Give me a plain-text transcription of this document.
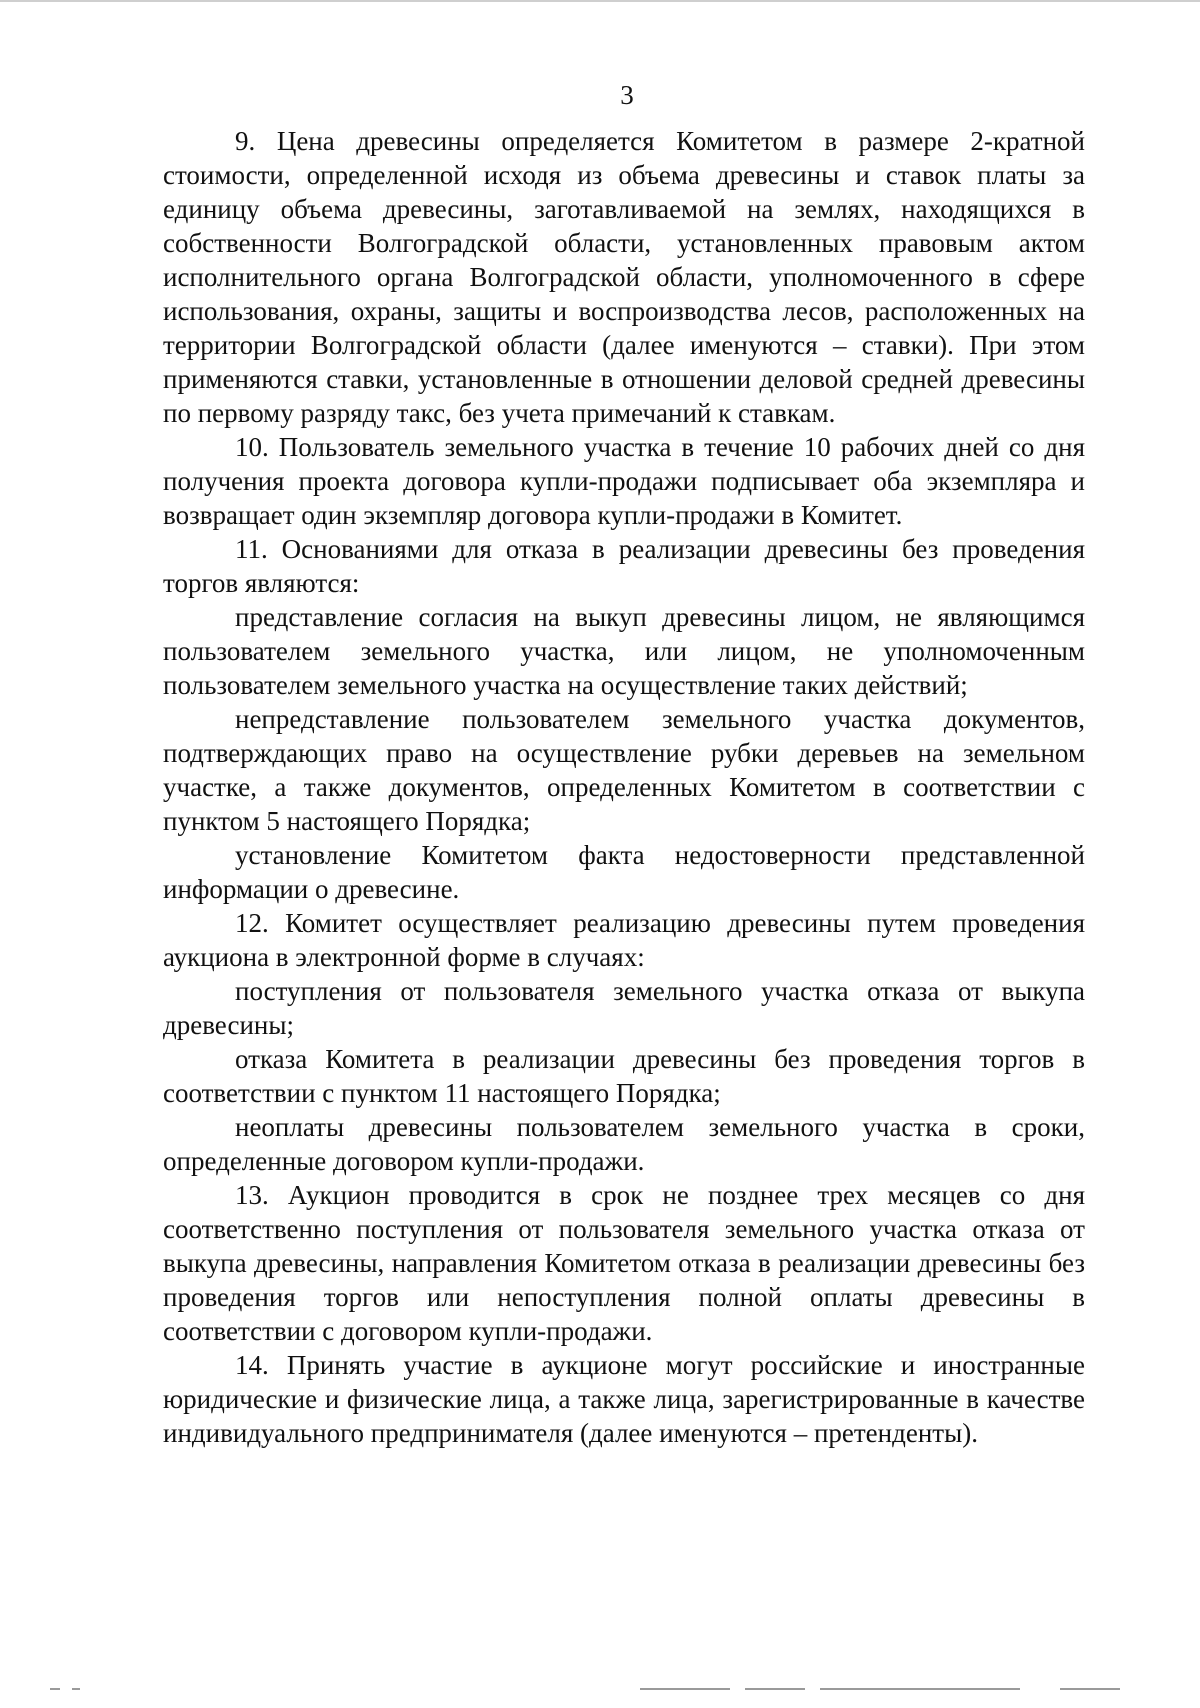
3

9. Цена древесины определяется Комитетом в размере 2-кратной стоимости, определенной исходя из объема древесины и ставок платы за единицу объема древесины, заготавливаемой на землях, находящихся в собственности Волгоградской области, установленных правовым актом исполнительного органа Волгоградской области, уполномоченного в сфере использования, охраны, защиты и воспроизводства лесов, расположенных на территории Волгоградской области (далее именуются – ставки). При этом применяются ставки, установленные в отношении деловой средней древесины по первому разряду такс, без учета примечаний к ставкам.

10. Пользователь земельного участка в течение 10 рабочих дней со дня получения проекта договора купли-продажи подписывает оба экземпляра и возвращает один экземпляр договора купли-продажи в Комитет.

11. Основаниями для отказа в реализации древесины без проведения торгов являются:

представление согласия на выкуп древесины лицом, не являющимся пользователем земельного участка, или лицом, не уполномоченным пользователем земельного участка на осуществление таких действий;

непредставление пользователем земельного участка документов, подтверждающих право на осуществление рубки деревьев на земельном участке, а также документов, определенных Комитетом в соответствии с пунктом 5 настоящего Порядка;

установление Комитетом факта недостоверности представленной информации о древесине.

12. Комитет осуществляет реализацию древесины путем проведения аукциона в электронной форме в случаях:

поступления от пользователя земельного участка отказа от выкупа древесины;

отказа Комитета в реализации древесины без проведения торгов в соответствии с пунктом 11 настоящего Порядка;

неоплаты древесины пользователем земельного участка в сроки, определенные договором купли-продажи.

13. Аукцион проводится в срок не позднее трех месяцев со дня соответственно поступления от пользователя земельного участка отказа от выкупа древесины, направления Комитетом отказа в реализации древесины без проведения торгов или непоступления полной оплаты древесины в соответствии с договором купли-продажи.

14. Принять участие в аукционе могут российские и иностранные юридические и физические лица, а также лица, зарегистрированные в качестве индивидуального предпринимателя (далее именуются – претенденты).
